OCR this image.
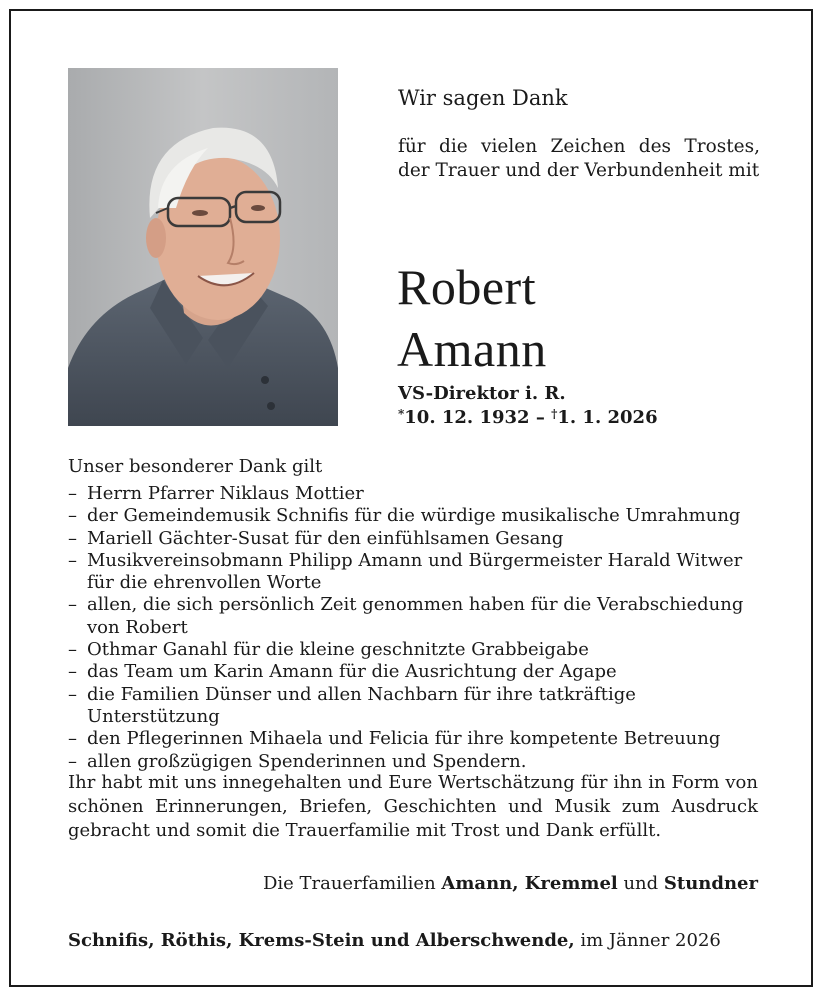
Wir sagen Dank
für die vielen Zeichen des Trostes, der Trauer und der Verbundenheit mit
Robert
Amann
VS-Direktor i. R.
*10. 12. 1932 – †1. 1. 2026
Unser besonderer Dank gilt
– Herrn Pfarrer Niklaus Mottier
– der Gemeindemusik Schnifis für die würdige musikalische Umrahmung
– Mariell Gächter-Susat für den einfühlsamen Gesang
– Musikvereinsobmann Philipp Amann und Bürgermeister Harald Witwer für die ehrenvollen Worte
– allen, die sich persönlich Zeit genommen haben für die Verabschiedung von Robert
– Othmar Ganahl für die kleine geschnitzte Grabbeigabe
– das Team um Karin Amann für die Ausrichtung der Agape
– die Familien Dünser und allen Nachbarn für ihre tatkräftige Unterstützung
– den Pflegerinnen Mihaela und Felicia für ihre kompetente Betreuung
– allen großzügigen Spenderinnen und Spendern.
Ihr habt mit uns innegehalten und Eure Wertschätzung für ihn in Form von schönen Erinnerungen, Briefen, Geschichten und Musik zum Ausdruck gebracht und somit die Trauerfamilie mit Trost und Dank erfüllt.
Die Trauerfamilien Amann, Kremmel und Stundner
Schnifis, Röthis, Krems-Stein und Alberschwende, im Jänner 2026
